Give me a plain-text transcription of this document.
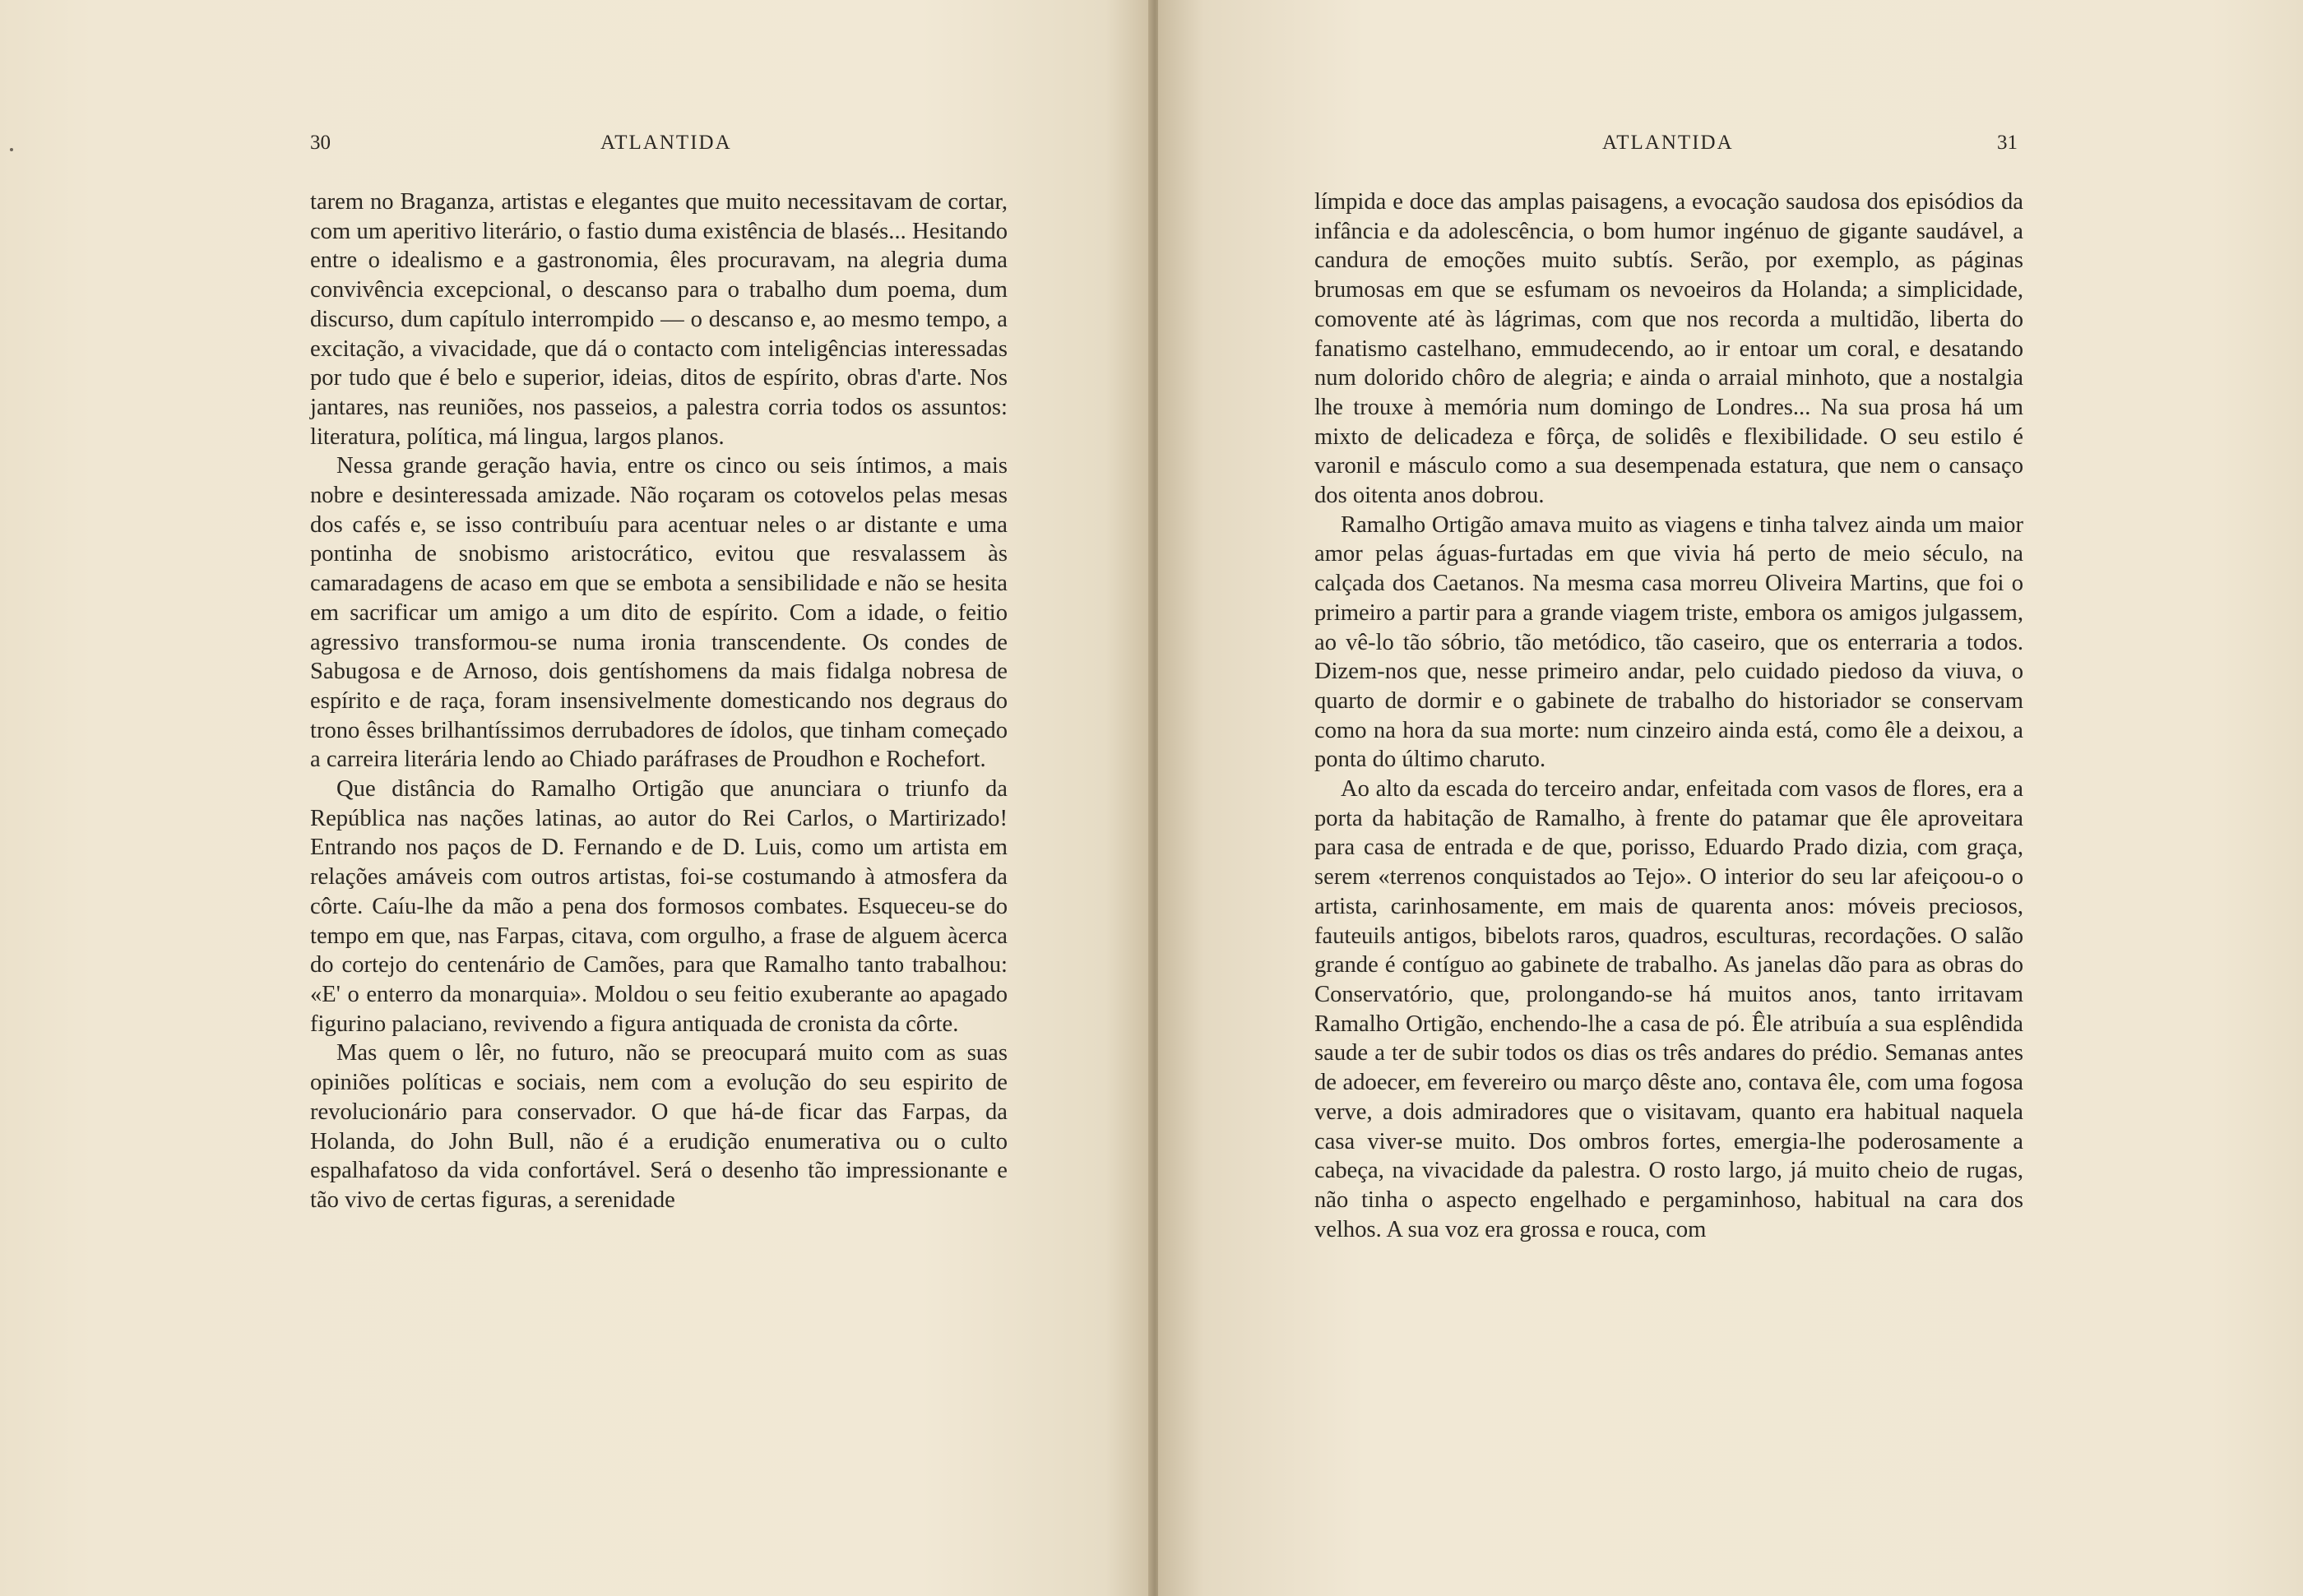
30	ATLANTIDA

tarem no Braganza, artistas e elegantes que muito necessitavam de cortar, com um aperitivo literário, o fastio duma existência de blasés... Hesitando entre o idealismo e a gastronomia, êles procuravam, na alegria duma convivência excepcional, o descanso para o trabalho dum poema, dum discurso, dum capítulo interrompido — o descanso e, ao mesmo tempo, a excitação, a vivacidade, que dá o contacto com inteligências interessadas por tudo que é belo e superior, ideias, ditos de espírito, obras d'arte. Nos jantares, nas reuniões, nos passeios, a palestra corria todos os assuntos: literatura, política, má lingua, largos planos.

Nessa grande geração havia, entre os cinco ou seis íntimos, a mais nobre e desinteressada amizade. Não roçaram os cotovelos pelas mesas dos cafés e, se isso contribuíu para acentuar neles o ar distante e uma pontinha de snobismo aristocrático, evitou que resvalassem às camaradagens de acaso em que se embota a sensibilidade e não se hesita em sacrificar um amigo a um dito de espírito. Com a idade, o feitio agressivo transformou-se numa ironia transcendente. Os condes de Sabugosa e de Arnoso, dois gentíshomens da mais fidalga nobresa de espírito e de raça, foram insensivelmente domesticando nos degraus do trono êsses brilhantíssimos derrubadores de ídolos, que tinham começado a carreira literária lendo ao Chiado paráfrases de Proudhon e Rochefort.

Que distância do Ramalho Ortigão que anunciara o triunfo da República nas nações latinas, ao autor do Rei Carlos, o Martirizado! Entrando nos paços de D. Fernando e de D. Luis, como um artista em relações amáveis com outros artistas, foi-se costumando à atmosfera da côrte. Caíu-lhe da mão a pena dos formosos combates. Esqueceu-se do tempo em que, nas Farpas, citava, com orgulho, a frase de alguem àcerca do cortejo do centenário de Camões, para que Ramalho tanto trabalhou: «E' o enterro da monarquia». Moldou o seu feitio exuberante ao apagado figurino palaciano, revivendo a figura antiquada de cronista da côrte.

Mas quem o lêr, no futuro, não se preocupará muito com as suas opiniões políticas e sociais, nem com a evolução do seu espirito de revolucionário para conservador. O que há-de ficar das Farpas, da Holanda, do John Bull, não é a erudição enumerativa ou o culto espalhafatoso da vida confortável. Será o desenho tão impressionante e tão vivo de certas figuras, a serenidade

ATLANTIDA	31

límpida e doce das amplas paisagens, a evocação saudosa dos episódios da infância e da adolescência, o bom humor ingénuo de gigante saudável, a candura de emoções muito subtís. Serão, por exemplo, as páginas brumosas em que se esfumam os nevoeiros da Holanda; a simplicidade, comovente até às lágrimas, com que nos recorda a multidão, liberta do fanatismo castelhano, emmudecendo, ao ir entoar um coral, e desatando num dolorido chôro de alegria; e ainda o arraial minhoto, que a nostalgia lhe trouxe à memória num domingo de Londres... Na sua prosa há um mixto de delicadeza e fôrça, de solidês e flexibilidade. O seu estilo é varonil e másculo como a sua desempenada estatura, que nem o cansaço dos oitenta anos dobrou.

Ramalho Ortigão amava muito as viagens e tinha talvez ainda um maior amor pelas águas-furtadas em que vivia há perto de meio século, na calçada dos Caetanos. Na mesma casa morreu Oliveira Martins, que foi o primeiro a partir para a grande viagem triste, embora os amigos julgassem, ao vê-lo tão sóbrio, tão metódico, tão caseiro, que os enterraria a todos. Dizem-nos que, nesse primeiro andar, pelo cuidado piedoso da viuva, o quarto de dormir e o gabinete de trabalho do historiador se conservam como na hora da sua morte: num cinzeiro ainda está, como êle a deixou, a ponta do último charuto.

Ao alto da escada do terceiro andar, enfeitada com vasos de flores, era a porta da habitação de Ramalho, à frente do patamar que êle aproveitara para casa de entrada e de que, porisso, Eduardo Prado dizia, com graça, serem «terrenos conquistados ao Tejo». O interior do seu lar afeiçoou-o o artista, carinhosamente, em mais de quarenta anos: móveis preciosos, fauteuils antigos, bibelots raros, quadros, esculturas, recordações. O salão grande é contíguo ao gabinete de trabalho. As janelas dão para as obras do Conservatório, que, prolongando-se há muitos anos, tanto irritavam Ramalho Ortigão, enchendo-lhe a casa de pó. Êle atribuía a sua esplêndida saude a ter de subir todos os dias os três andares do prédio. Semanas antes de adoecer, em fevereiro ou março dêste ano, contava êle, com uma fogosa verve, a dois admiradores que o visitavam, quanto era habitual naquela casa viver-se muito. Dos ombros fortes, emergia-lhe poderosamente a cabeça, na vivacidade da palestra. O rosto largo, já muito cheio de rugas, não tinha o aspecto engelhado e pergaminhoso, habitual na cara dos velhos. A sua voz era grossa e rouca, com
